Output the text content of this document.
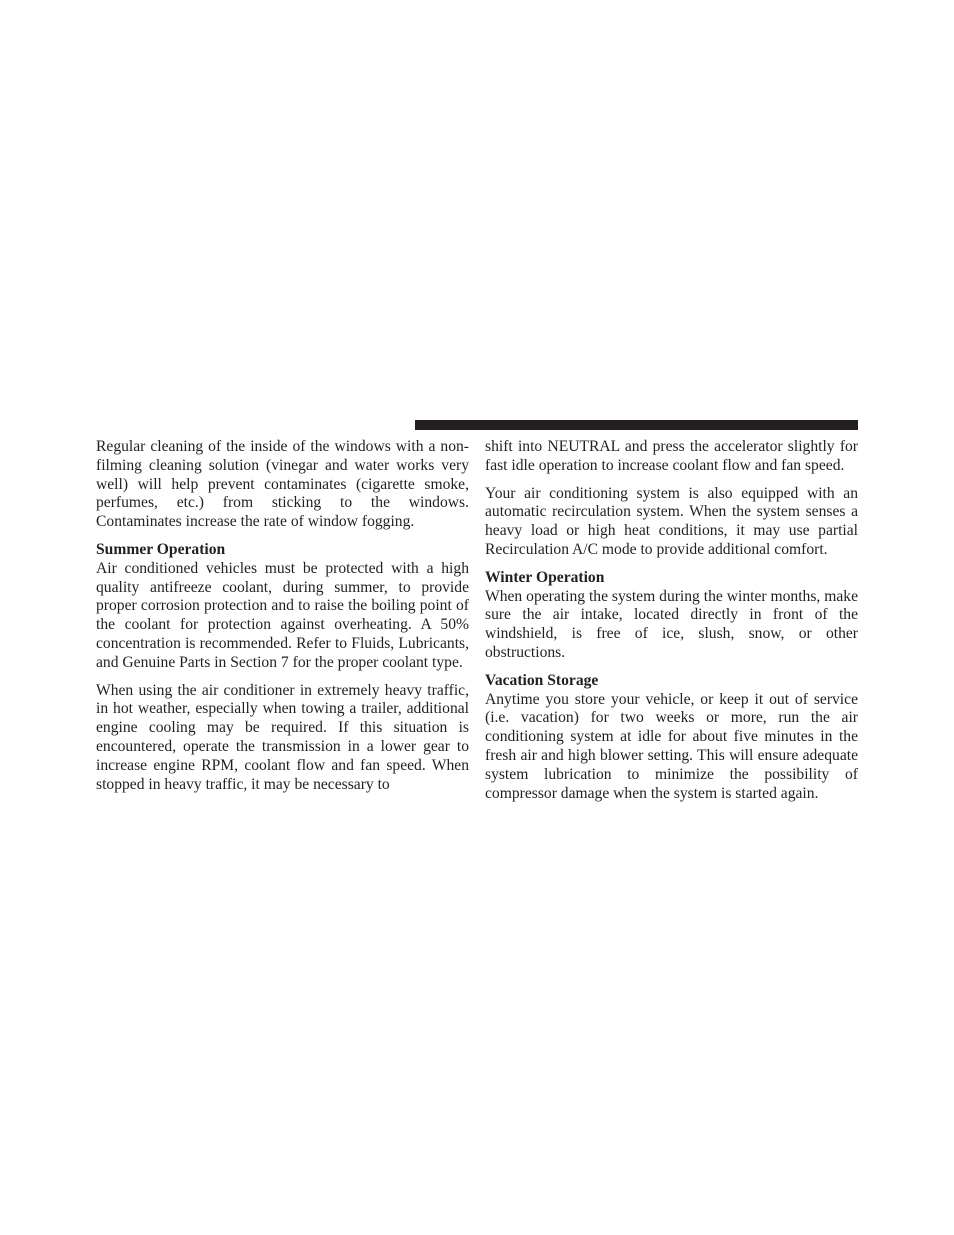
Regular cleaning of the inside of the windows with a non-filming cleaning solution (vinegar and water works very well) will help prevent contaminates (cigarette smoke, perfumes, etc.) from sticking to the windows. Contaminates increase the rate of window fogging.

Summer Operation

Air conditioned vehicles must be protected with a high quality antifreeze coolant, during summer, to provide proper corrosion protection and to raise the boiling point of the coolant for protection against overheating. A 50% concentration is recommended. Refer to Fluids, Lubricants, and Genuine Parts in Section 7 for the proper coolant type.

When using the air conditioner in extremely heavy traffic, in hot weather, especially when towing a trailer, additional engine cooling may be required. If this situation is encountered, operate the transmission in a lower gear to increase engine RPM, coolant flow and fan speed. When stopped in heavy traffic, it may be necessary to

shift into NEUTRAL and press the accelerator slightly for fast idle operation to increase coolant flow and fan speed.

Your air conditioning system is also equipped with an automatic recirculation system. When the system senses a heavy load or high heat conditions, it may use partial Recirculation A/C mode to provide additional comfort.

Winter Operation

When operating the system during the winter months, make sure the air intake, located directly in front of the windshield, is free of ice, slush, snow, or other obstructions.

Vacation Storage

Anytime you store your vehicle, or keep it out of service (i.e. vacation) for two weeks or more, run the air conditioning system at idle for about five minutes in the fresh air and high blower setting. This will ensure adequate system lubrication to minimize the possibility of compressor damage when the system is started again.
